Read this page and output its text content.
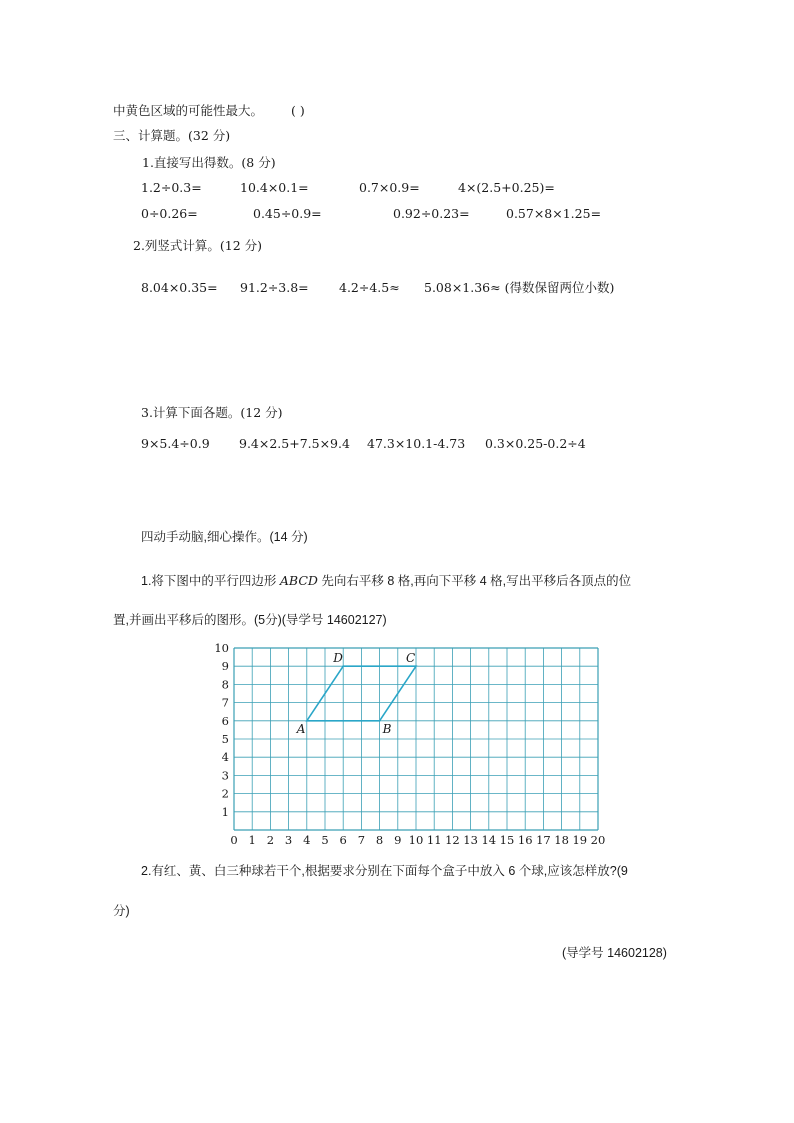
中黄色区域的可能性最大。 ( )
三、计算题。(32 分)
1.直接写出得数。(8 分)
1.2÷0.3=	10.4×0.1=	0.7×0.9=	4×(2.5+0.25)=
0÷0.26=	0.45÷0.9=	0.92÷0.23=	0.57×8×1.25=
2.列竖式计算。(12 分)
8.04×0.35= 91.2÷3.8= 4.2÷4.5≈ 5.08×1.36≈ (得数保留两位小数)
3.计算下面各题。(12 分)
9×5.4÷0.9 9.4×2.5+7.5×9.4 47.3×10.1-4.73 0.3×0.25-0.2÷4
四动手动脑,细心操作。(14 分)
1.将下图中的平行四边形 ABCD 先向右平移 8 格,再向下平移 4 格,写出平移后各顶点的位
置,并画出平移后的图形。(5分)(导学号 14602127)
0 1 2 3 4 5 6 7 8 9 10 11 12 13 14 15 16 17 18 19 20
1
2
3
4
5
6
7
8
9
10
A	B
C
D
2.有红、黄、白三种球若干个,根据要求分别在下面每个盒子中放入 6 个球,应该怎样放?(9
分)
(导学号 14602128)
